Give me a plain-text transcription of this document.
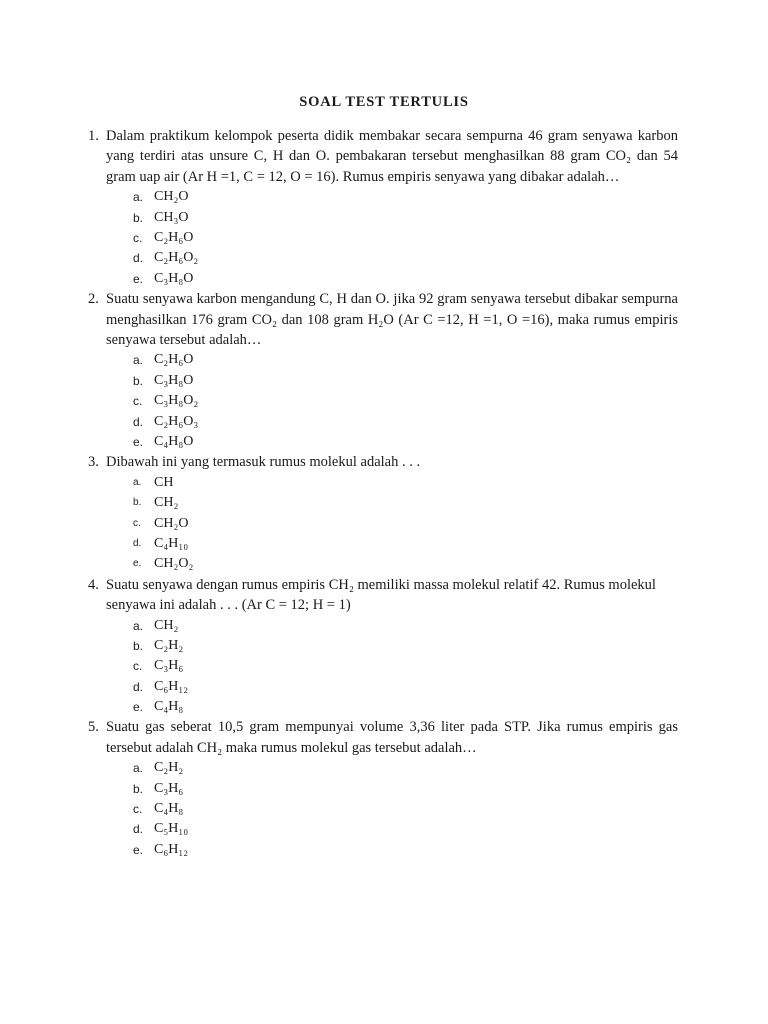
SOAL TEST TERTULIS
1. Dalam praktikum kelompok peserta didik membakar secara sempurna 46 gram senyawa karbon yang terdiri atas unsure C, H dan O. pembakaran tersebut menghasilkan 88 gram CO₂ dan 54 gram uap air (Ar H =1, C = 12, O = 16). Rumus empiris senyawa yang dibakar adalah…
a. CH₂O
b. CH₃O
c. C₂H₆O
d. C₂H₆O₂
e. C₃H₈O
2. Suatu senyawa karbon mengandung C, H dan O. jika 92 gram senyawa tersebut dibakar sempurna menghasilkan 176 gram CO₂ dan 108 gram H₂O (Ar C =12, H =1, O =16), maka rumus empiris senyawa tersebut adalah…
a. C₂H₆O
b. C₃H₈O
c. C₃H₈O₂
d. C₂H₆O₃
e. C₄H₈O
3. Dibawah ini yang termasuk rumus molekul adalah . . .
a. CH
b. CH₂
c. CH₂O
d. C₄H₁₀
e. CH₂O₂
4. Suatu senyawa dengan rumus empiris CH₂ memiliki massa molekul relatif 42. Rumus molekul senyawa ini adalah . . . (Ar C = 12; H = 1)
a. CH₂
b. C₂H₂
c. C₃H₆
d. C₆H₁₂
e. C₄H₈
5. Suatu gas seberat 10,5 gram mempunyai volume 3,36 liter pada STP. Jika rumus empiris gas tersebut adalah CH₂ maka rumus molekul gas tersebut adalah…
a. C₂H₂
b. C₃H₆
c. C₄H₈
d. C₅H₁₀
e. C₆H₁₂
